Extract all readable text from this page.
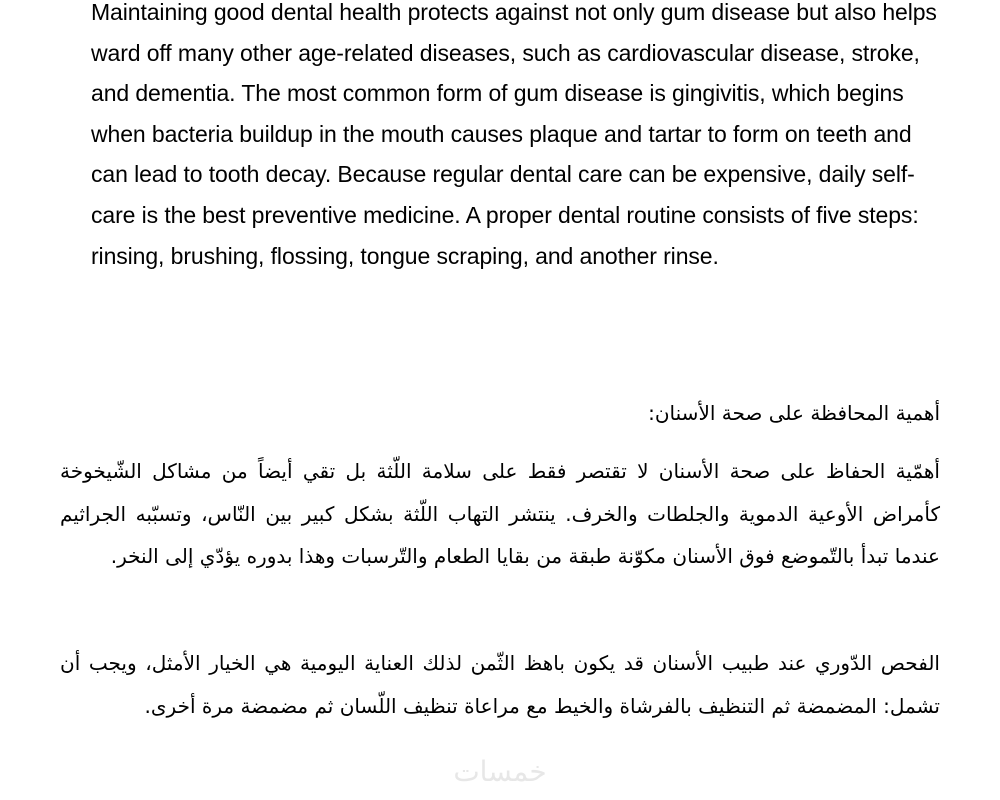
Maintaining good dental health protects against not only gum disease but also helps ward off many other age-related diseases, such as cardiovascular disease, stroke, and dementia. The most common form of gum disease is gingivitis, which begins when bacteria buildup in the mouth causes plaque and tartar to form on teeth and can lead to tooth decay. Because regular dental care can be expensive, daily self-care is the best preventive medicine. A proper dental routine consists of five steps: rinsing, brushing, flossing, tongue scraping, and another rinse.

أهمية المحافظة على صحة الأسنان:

أهمّية الحفاظ على صحة الأسنان لا تقتصر فقط على سلامة اللّثة بل تقي أيضاً من مشاكل الشّيخوخة كأمراض الأوعية الدموية والجلطات والخرف. ينتشر التهاب اللّثة بشكل كبير بين النّاس، وتسبّبه الجراثيم عندما تبدأ بالتّموضع فوق الأسنان مكوّنة طبقة من بقايا الطعام والتّرسبات وهذا بدوره يؤدّي إلى النخر.

الفحص الدّوري عند طبيب الأسنان قد يكون باهظ الثّمن لذلك العناية اليومية هي الخيار الأمثل، ويجب أن تشمل: المضمضة ثم التنظيف بالفرشاة والخيط مع مراعاة تنظيف اللّسان ثم مضمضة مرة أخرى.

خمسات
